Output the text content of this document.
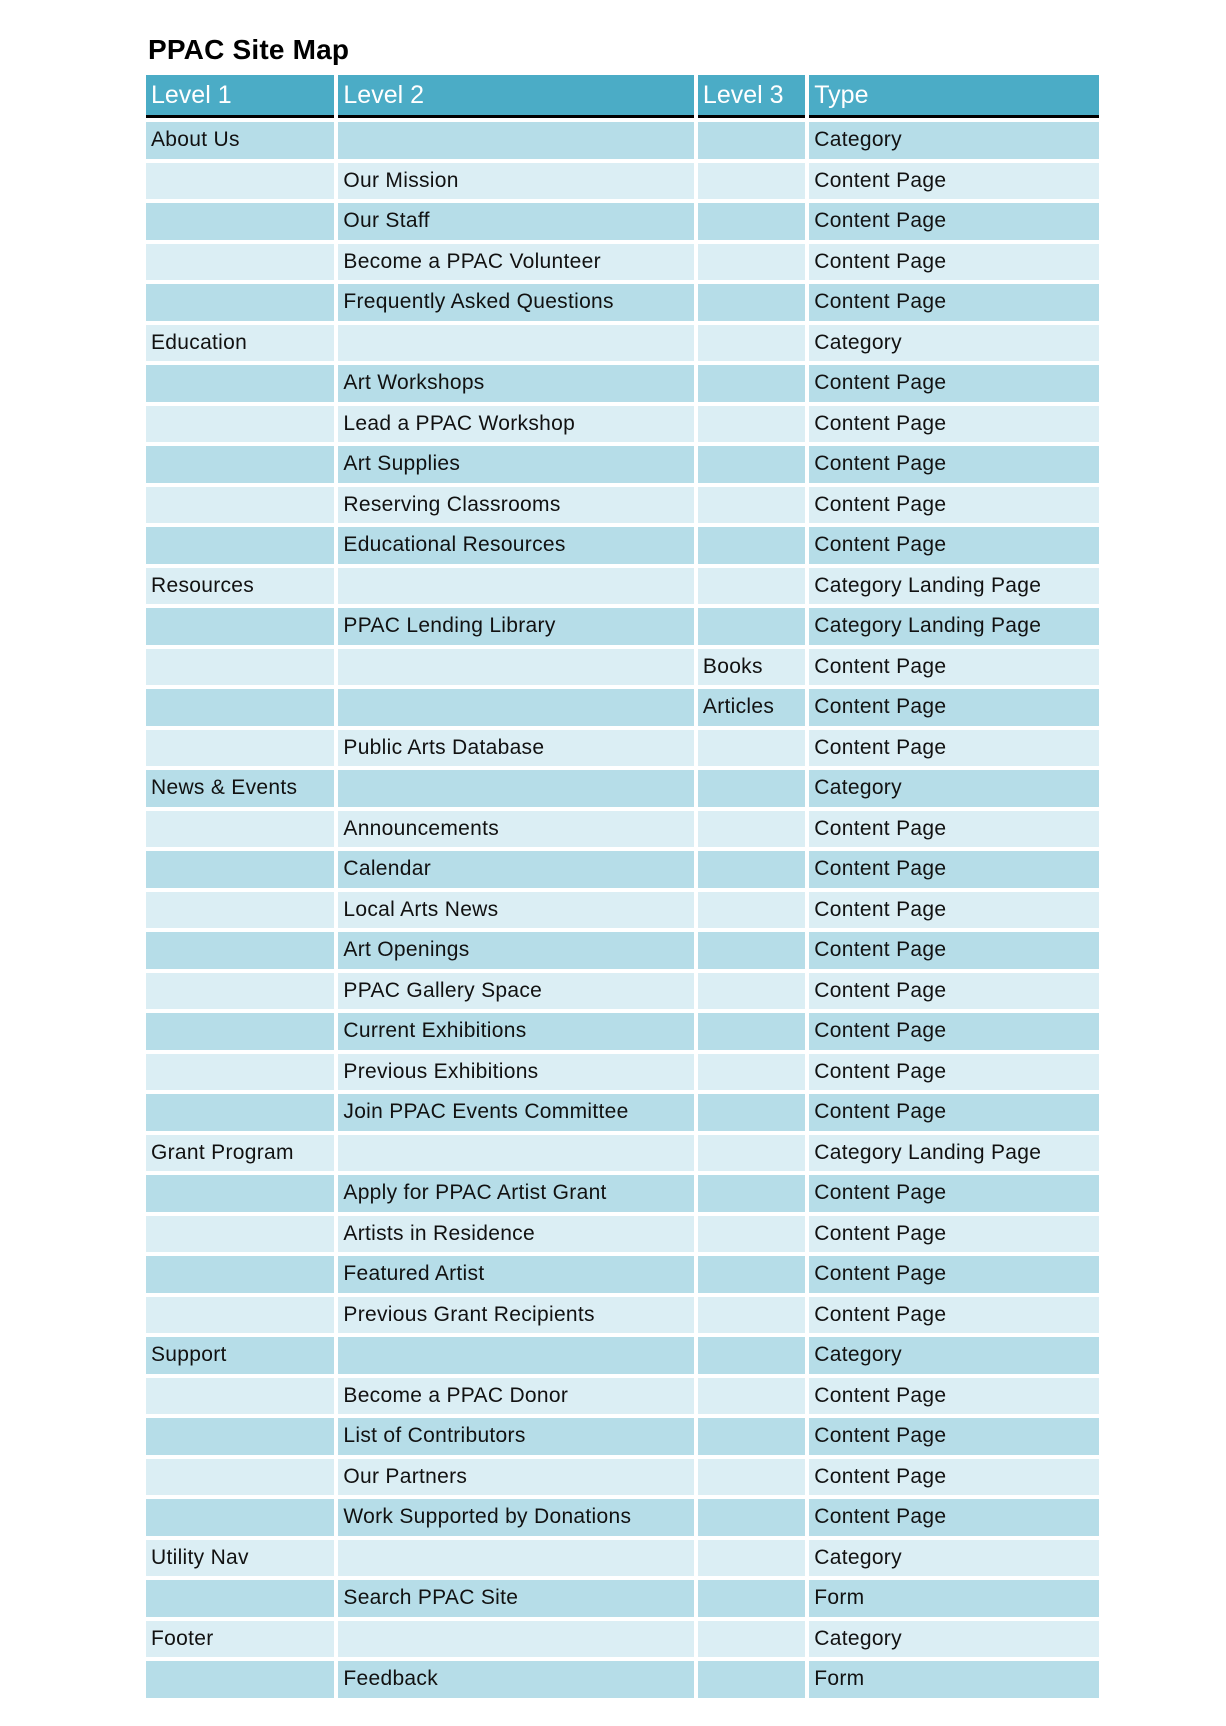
PPAC Site Map
Level 1	Level 2	Level 3	Type
About Us			Category
	Our Mission		Content Page
	Our Staff		Content Page
	Become a PPAC Volunteer		Content Page
	Frequently Asked Questions		Content Page
Education			Category
	Art Workshops		Content Page
	Lead a PPAC Workshop		Content Page
	Art Supplies		Content Page
	Reserving Classrooms		Content Page
	Educational Resources		Content Page
Resources			Category Landing Page
	PPAC Lending Library		Category Landing Page
		Books	Content Page
		Articles	Content Page
	Public Arts Database		Content Page
News & Events			Category
	Announcements		Content Page
	Calendar		Content Page
	Local Arts News		Content Page
	Art Openings		Content Page
	PPAC Gallery Space		Content Page
	Current Exhibitions		Content Page
	Previous Exhibitions		Content Page
	Join PPAC Events Committee		Content Page
Grant Program			Category Landing Page
	Apply for PPAC Artist Grant		Content Page
	Artists in Residence		Content Page
	Featured Artist		Content Page
	Previous Grant Recipients		Content Page
Support			Category
	Become a PPAC Donor		Content Page
	List of Contributors		Content Page
	Our Partners		Content Page
	Work Supported by Donations		Content Page
Utility Nav			Category
	Search PPAC Site		Form
Footer			Category
	Feedback		Form
